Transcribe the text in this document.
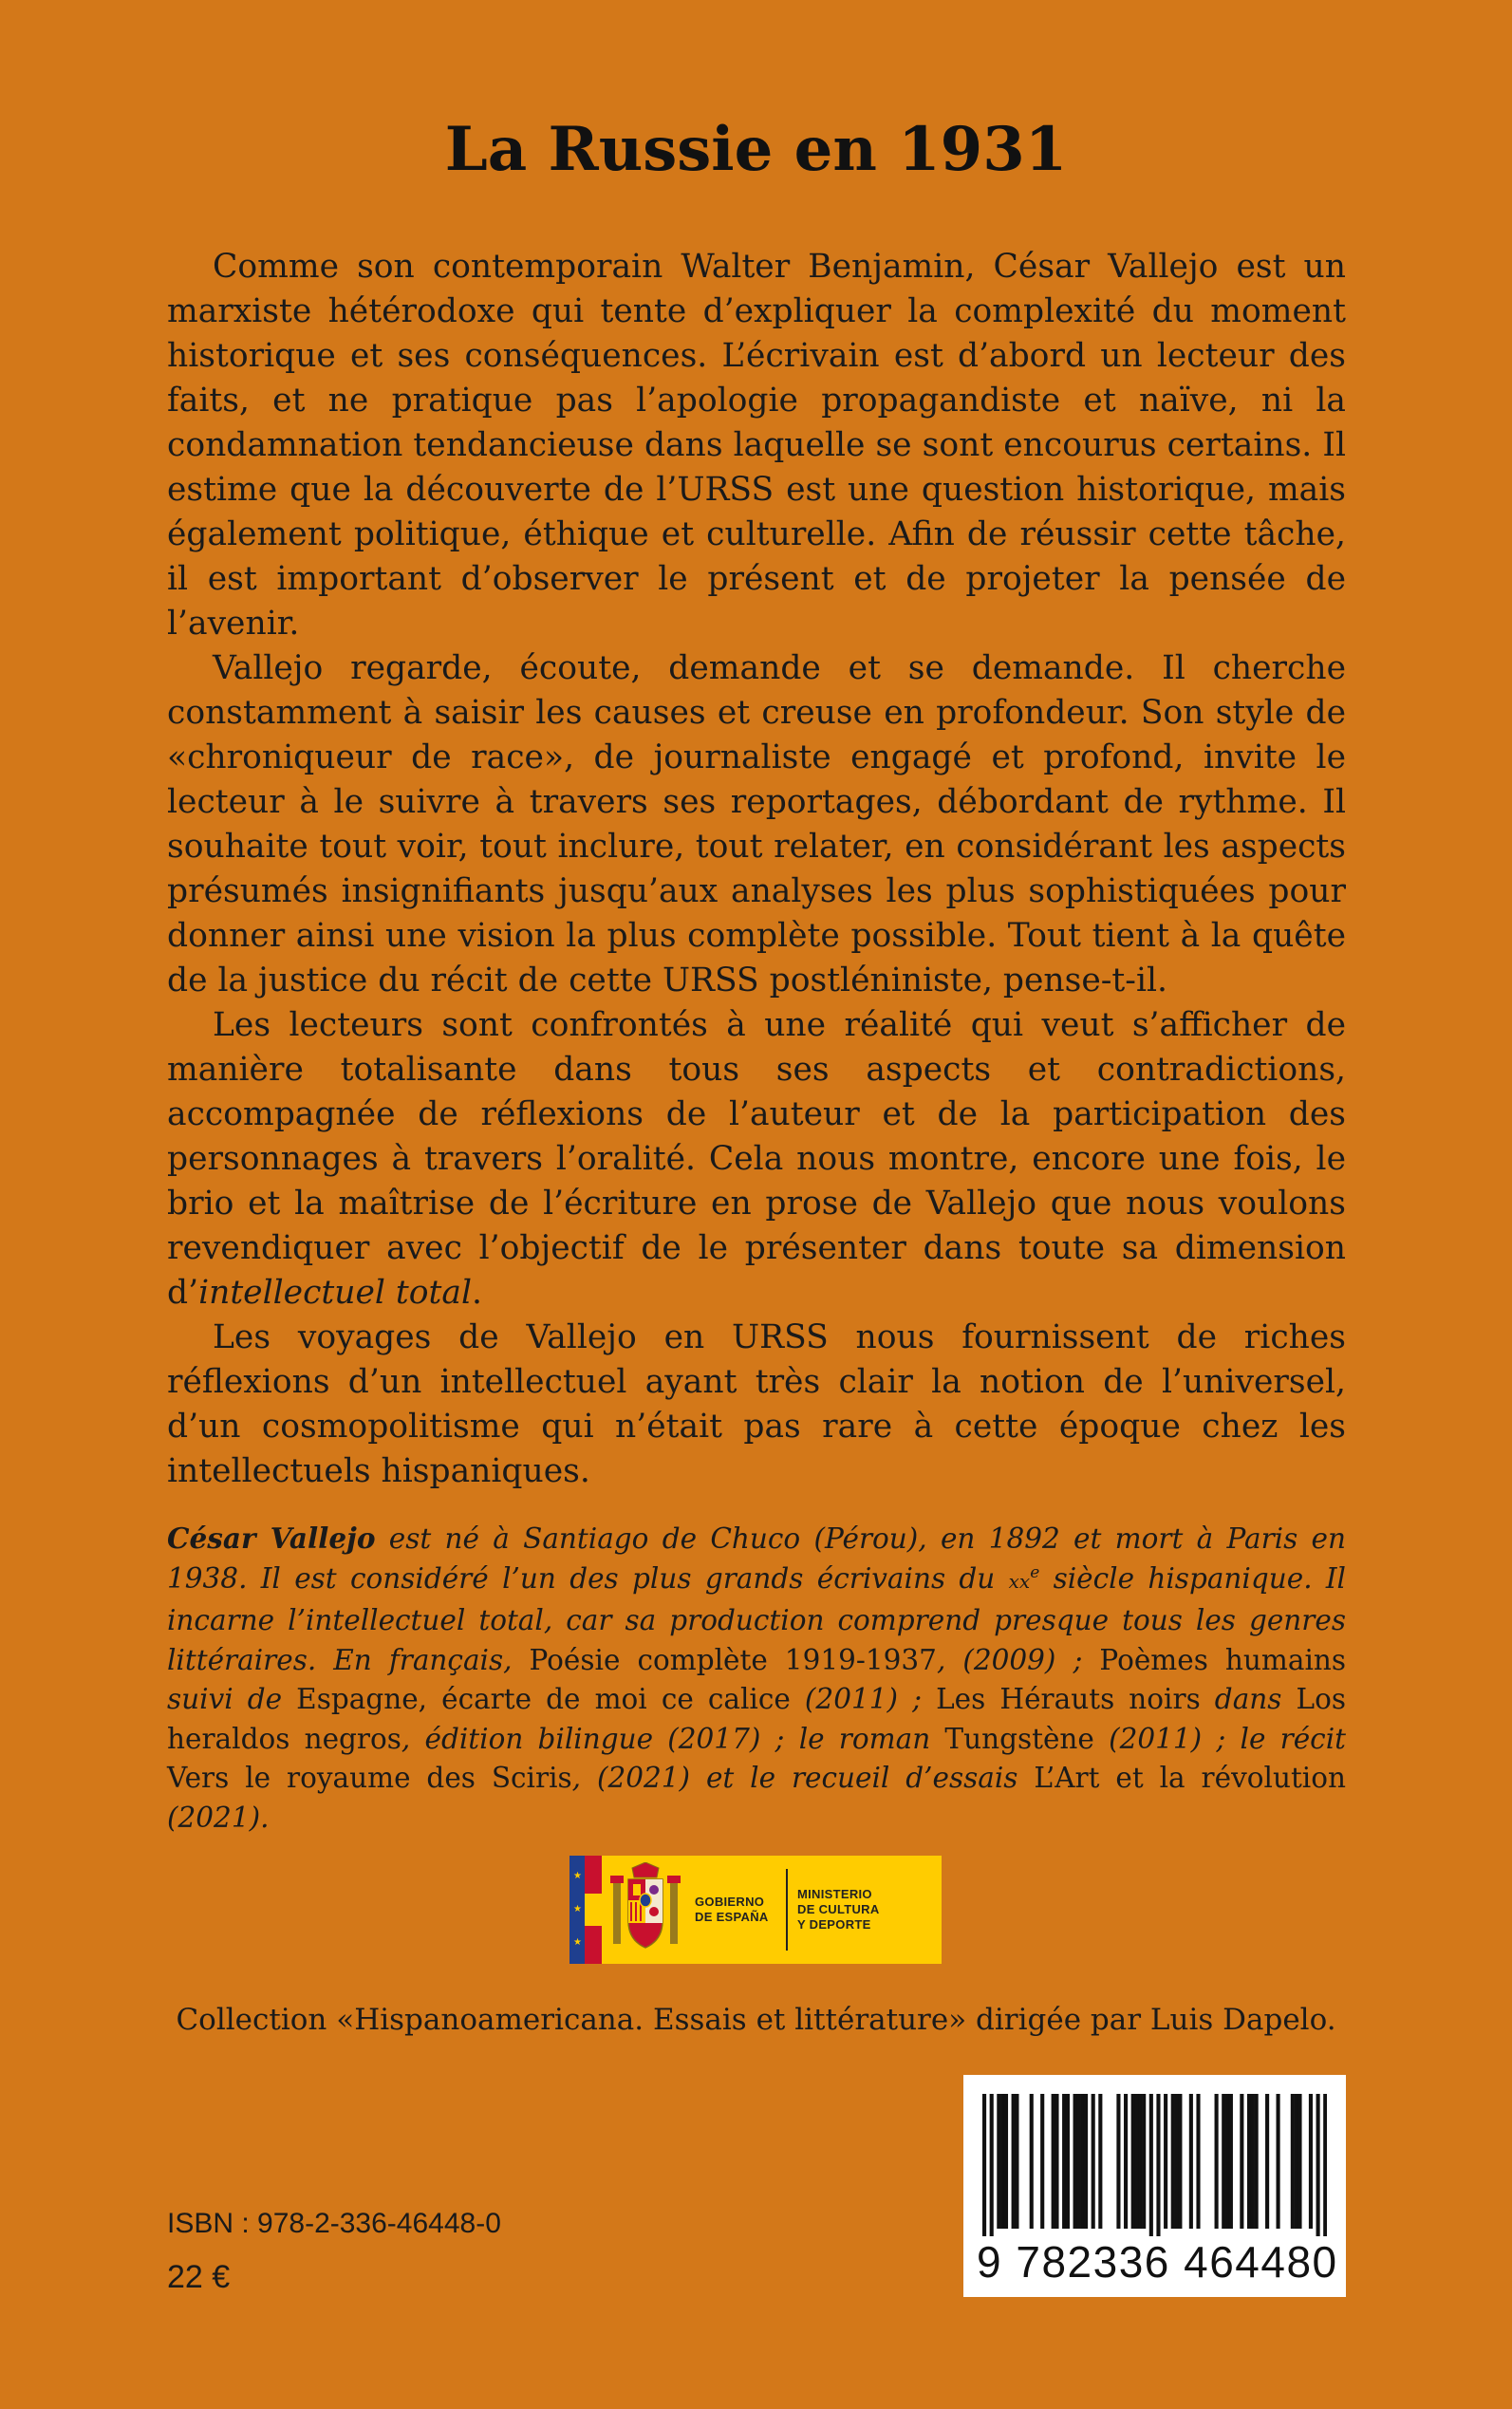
La Russie en 1931

Comme son contemporain Walter Benjamin, César Vallejo est un marxiste hétérodoxe qui tente d’expliquer la complexité du moment historique et ses conséquences. L’écrivain est d’abord un lecteur des faits, et ne pratique pas l’apologie propagandiste et naïve, ni la condamnation tendancieuse dans laquelle se sont encourus certains. Il estime que la découverte de l’URSS est une question historique, mais également politique, éthique et culturelle. Afin de réussir cette tâche, il est important d’observer le présent et de projeter la pensée de l’avenir.

Vallejo regarde, écoute, demande et se demande. Il cherche constamment à saisir les causes et creuse en profondeur. Son style de «chroniqueur de race», de journaliste engagé et profond, invite le lecteur à le suivre à travers ses reportages, débordant de rythme. Il souhaite tout voir, tout inclure, tout relater, en considérant les aspects présumés insignifiants jusqu’aux analyses les plus sophistiquées pour donner ainsi une vision la plus complète possible. Tout tient à la quête de la justice du récit de cette URSS postléniniste, pense-t-il.

Les lecteurs sont confrontés à une réalité qui veut s’afficher de manière totalisante dans tous ses aspects et contradictions, accompagnée de réflexions de l’auteur et de la participation des personnages à travers l’oralité. Cela nous montre, encore une fois, le brio et la maîtrise de l’écriture en prose de Vallejo que nous voulons revendiquer avec l’objectif de le présenter dans toute sa dimension d’intellectuel total.

Les voyages de Vallejo en URSS nous fournissent de riches réflexions d’un intellectuel ayant très clair la notion de l’universel, d’un cosmopolitisme qui n’était pas rare à cette époque chez les intellectuels hispaniques.

César Vallejo est né à Santiago de Chuco (Pérou), en 1892 et mort à Paris en 1938. Il est considéré l’un des plus grands écrivains du $xx^e$ siècle hispanique. Il incarne l’intellectuel total, car sa production comprend presque tous les genres littéraires. En français, Poésie complète 1919-1937, (2009) ; Poèmes humains suivi de Espagne, écarte de moi ce calice (2011) ; Les Hérauts noirs dans Los heraldos negros, édition bilingue (2017) ; le roman Tungstène (2011) ; le récit Vers le royaume des Sciris, (2021) et le recueil d’essais L’Art et la révolution (2021).

★
★
★
GOBIERNO
DE ESPAÑA
MINISTERIO
DE CULTURA
Y DEPORTE

Collection «Hispanoamericana. Essais et littérature» dirigée par Luis Dapelo.

ISBN : 978-2-336-46448-0

22 €	9 782336 464480
